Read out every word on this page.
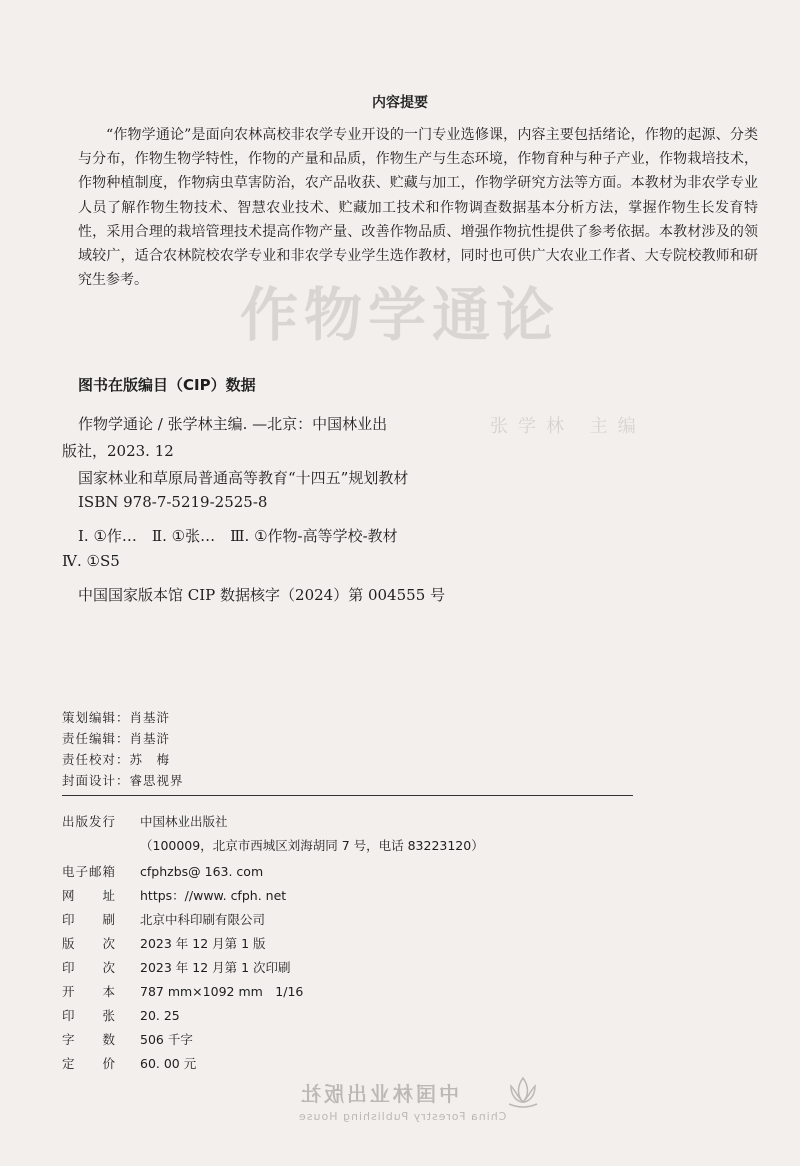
内容提要
“作物学通论”是面向农林高校非农学专业开设的一门专业选修课，内容主要包括绪论，作物的起源、分类与分布，作物生物学特性，作物的产量和品质，作物生产与生态环境，作物育种与种子产业，作物栽培技术，作物种植制度，作物病虫草害防治，农产品收获、贮藏与加工，作物学研究方法等方面。本教材为非农学专业人员了解作物生物技术、智慧农业技术、贮藏加工技术和作物调查数据基本分析方法，掌握作物生长发育特性，采用合理的栽培管理技术提高作物产量、改善作物品质、增强作物抗性提供了参考依据。本教材涉及的领域较广，适合农林院校农学专业和非农学专业学生选作教材，同时也可供广大农业工作者、大专院校教师和研究生参考。
作物学通论
张学林 主编
图书在版编目（CIP）数据
作物学通论 / 张学林主编. —北京：中国林业出
版社，2023. 12
国家林业和草原局普通高等教育“十四五”规划教材
ISBN 978-7-5219-2525-8
Ⅰ. ①作…　Ⅱ. ①张…　Ⅲ. ①作物-高等学校-教材
Ⅳ. ①S5
中国国家版本馆 CIP 数据核字（2024）第 004555 号
策划编辑：肖基浒
责任编辑：肖基浒
责任校对：苏　梅
封面设计：睿思视界
出版发行 中国林业出版社
（100009，北京市西城区刘海胡同 7 号，电话 83223120）
电子邮箱 cfphzbs@ 163. com
网　　址 https：//www. cfph. net
印　　刷 北京中科印刷有限公司
版　　次 2023 年 12 月第 1 版
印　　次 2023 年 12 月第 1 次印刷
开　　本 787 mm×1092 mm　1/16
印　　张 20. 25
字　　数 506 千字
定　　价 60. 00 元
中国林业出版社
China Forestry Publishing House
